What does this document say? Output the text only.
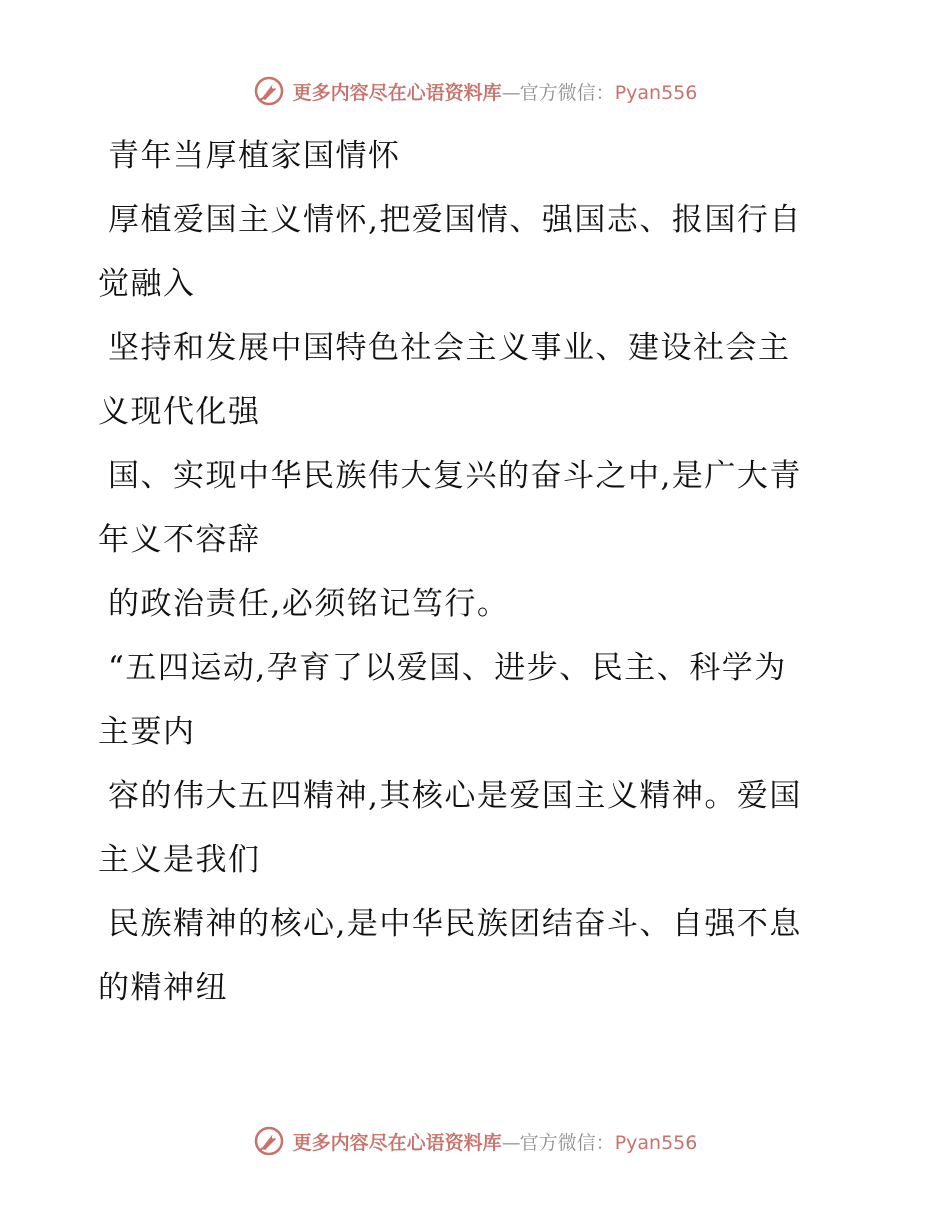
更多内容尽在心语资料库 — 官方微信： Pyan556
青年当厚植家国情怀
厚植爱国主义情怀,把爱国情、强国志、报国行自
觉融入
坚持和发展中国特色社会主义事业、建设社会主
义现代化强
国、实现中华民族伟大复兴的奋斗之中,是广大青
年义不容辞
的政治责任,必须铭记笃行。
“五四运动,孕育了以爱国、进步、民主、科学为
主要内
容的伟大五四精神,其核心是爱国主义精神。爱国
主义是我们
民族精神的核心,是中华民族团结奋斗、自强不息
的精神纽
更多内容尽在心语资料库 — 官方微信： Pyan556
